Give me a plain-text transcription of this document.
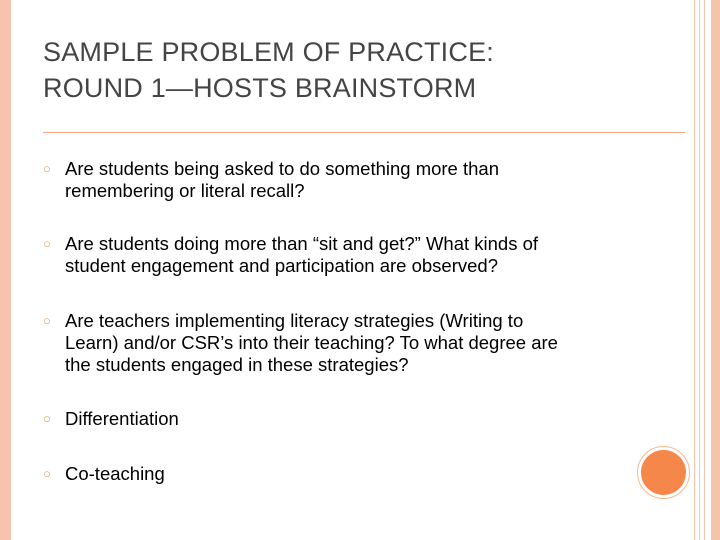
SAMPLE PROBLEM OF PRACTICE:
ROUND 1—HOSTS BRAINSTORM
○ Are students being asked to do something more than
remembering or literal recall?
○ Are students doing more than “sit and get?” What kinds of
student engagement and participation are observed?
○ Are teachers implementing literacy strategies (Writing to
Learn) and/or CSR’s into their teaching? To what degree are
the students engaged in these strategies?
○ Differentiation
○ Co-teaching
